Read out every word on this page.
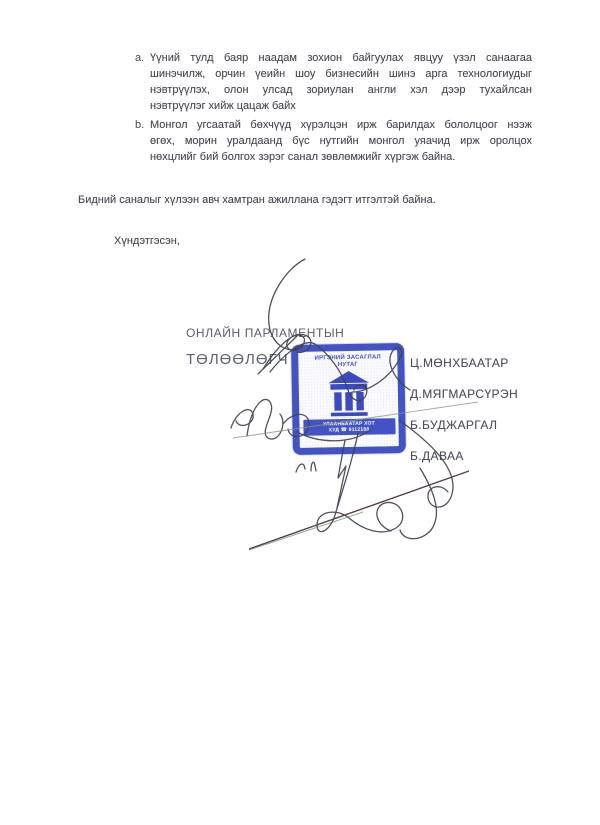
a. Үүний тулд баяр наадам зохион байгуулах явцуу үзэл санаагаа
шинэчилж, орчин үеийн шоу бизнесийн шинэ арга технологиудыг
нэвтрүүлэх, олон улсад зориулан англи хэл дээр тухайлсан
нэвтрүүлэг хийж цацаж байх
b. Монгол угсаатай бөхчүүд хүрэлцэн ирж барилдах бололцоог нээж
өгөх, морин уралдаанд бүс нутгийн монгол уяачид ирж оролцох
нөхцлийг бий болгох зэрэг санал зөвлөмжийг хүргэж байна.
Бидний саналыг хүлээн авч хамтран ажиллана гэдэгт итгэлтэй байна.
Хүндэтгэсэн,
ОНЛАЙН ПАРЛАМЕНТЫН
ТӨЛӨӨЛӨГЧ	Ц.МӨНХБААТАР
Д.МЯГМАРСҮРЭН
Б.БУДЖАРГАЛ
Б.ДАВАА
ИРГЭНИЙ ЗАСАГЛАЛ
НУТАГ
УЛААНБААТАР ХОТ
ХУД ☎ 9112188
